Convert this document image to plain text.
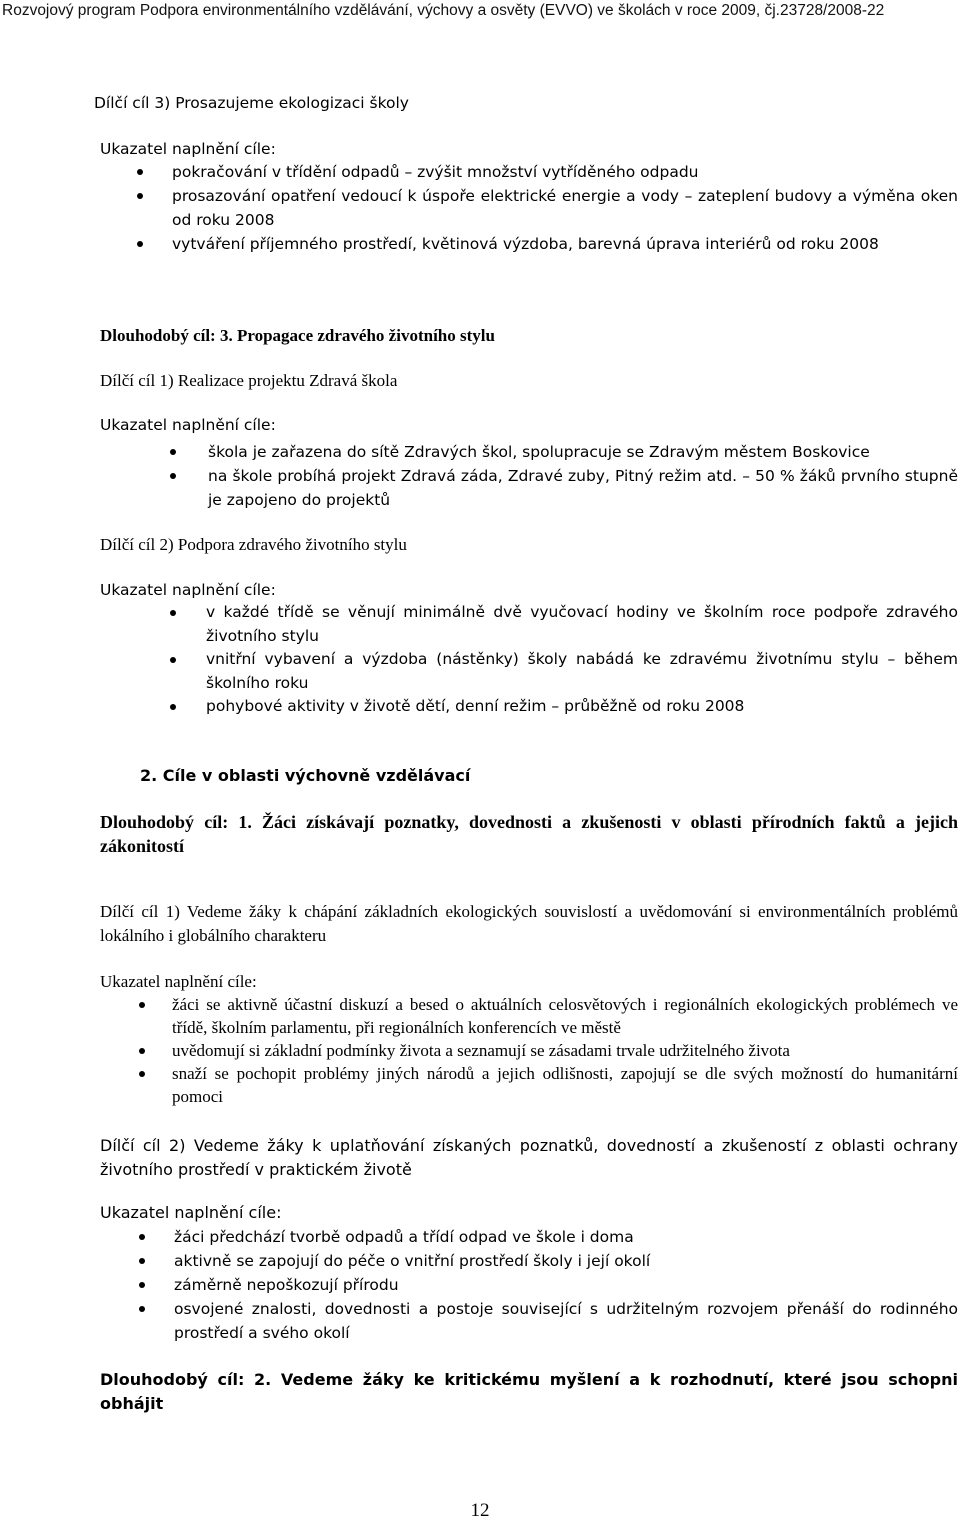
Rozvojový program Podpora environmentálního vzdělávání, výchovy a osvěty (EVVO) ve školách v roce 2009, čj.23728/2008-22

Dílčí cíl 3) Prosazujeme ekologizaci školy

Ukazatel naplnění cíle:

pokračování v třídění odpadů – zvýšit množství vytříděného odpadu
prosazování opatření vedoucí k úspoře elektrické energie a vody – zateplení budovy a výměna oken od roku 2008
vytváření příjemného prostředí, květinová výzdoba, barevná úprava interiérů od roku 2008

Dlouhodobý cíl: 3. Propagace zdravého životního stylu

Dílčí cíl 1) Realizace projektu Zdravá škola

Ukazatel naplnění cíle:

škola je zařazena do sítě Zdravých škol, spolupracuje se Zdravým městem Boskovice
na škole probíhá projekt Zdravá záda, Zdravé zuby, Pitný režim atd. – 50 % žáků prvního stupně je zapojeno do projektů

Dílčí cíl 2) Podpora zdravého životního stylu

Ukazatel naplnění cíle:

v každé třídě se věnují minimálně dvě vyučovací hodiny ve školním roce podpoře zdravého životního stylu
vnitřní vybavení a výzdoba (nástěnky) školy nabádá ke zdravému životnímu stylu – během školního roku
pohybové aktivity v životě dětí, denní režim – průběžně od roku 2008

2. Cíle v oblasti výchovně vzdělávací

Dlouhodobý cíl: 1. Žáci získávají poznatky, dovednosti a zkušenosti v oblasti přírodních faktů a jejich zákonitostí

Dílčí cíl 1) Vedeme žáky k chápání základních ekologických souvislostí a uvědomování si environmentálních problémů lokálního i globálního charakteru

Ukazatel naplnění cíle:

žáci se aktivně účastní diskuzí a besed o aktuálních celosvětových i regionálních ekologických problémech ve třídě, školním parlamentu, při regionálních konferencích ve městě
uvědomují si základní podmínky života a seznamují se zásadami trvale udržitelného života
snaží se pochopit problémy jiných národů a jejich odlišnosti, zapojují se dle svých možností do humanitární pomoci

Dílčí cíl 2) Vedeme žáky k uplatňování získaných poznatků, dovedností a zkušeností z oblasti ochrany životního prostředí v praktickém životě

Ukazatel naplnění cíle:

žáci předchází tvorbě odpadů a třídí odpad ve škole i doma
aktivně se zapojují do péče o vnitřní prostředí školy i její okolí
záměrně nepoškozují přírodu
osvojené znalosti, dovednosti a postoje související s udržitelným rozvojem přenáší do rodinného prostředí a svého okolí

Dlouhodobý cíl: 2. Vedeme žáky ke kritickému myšlení a k rozhodnutí, které jsou schopni obhájit

12
